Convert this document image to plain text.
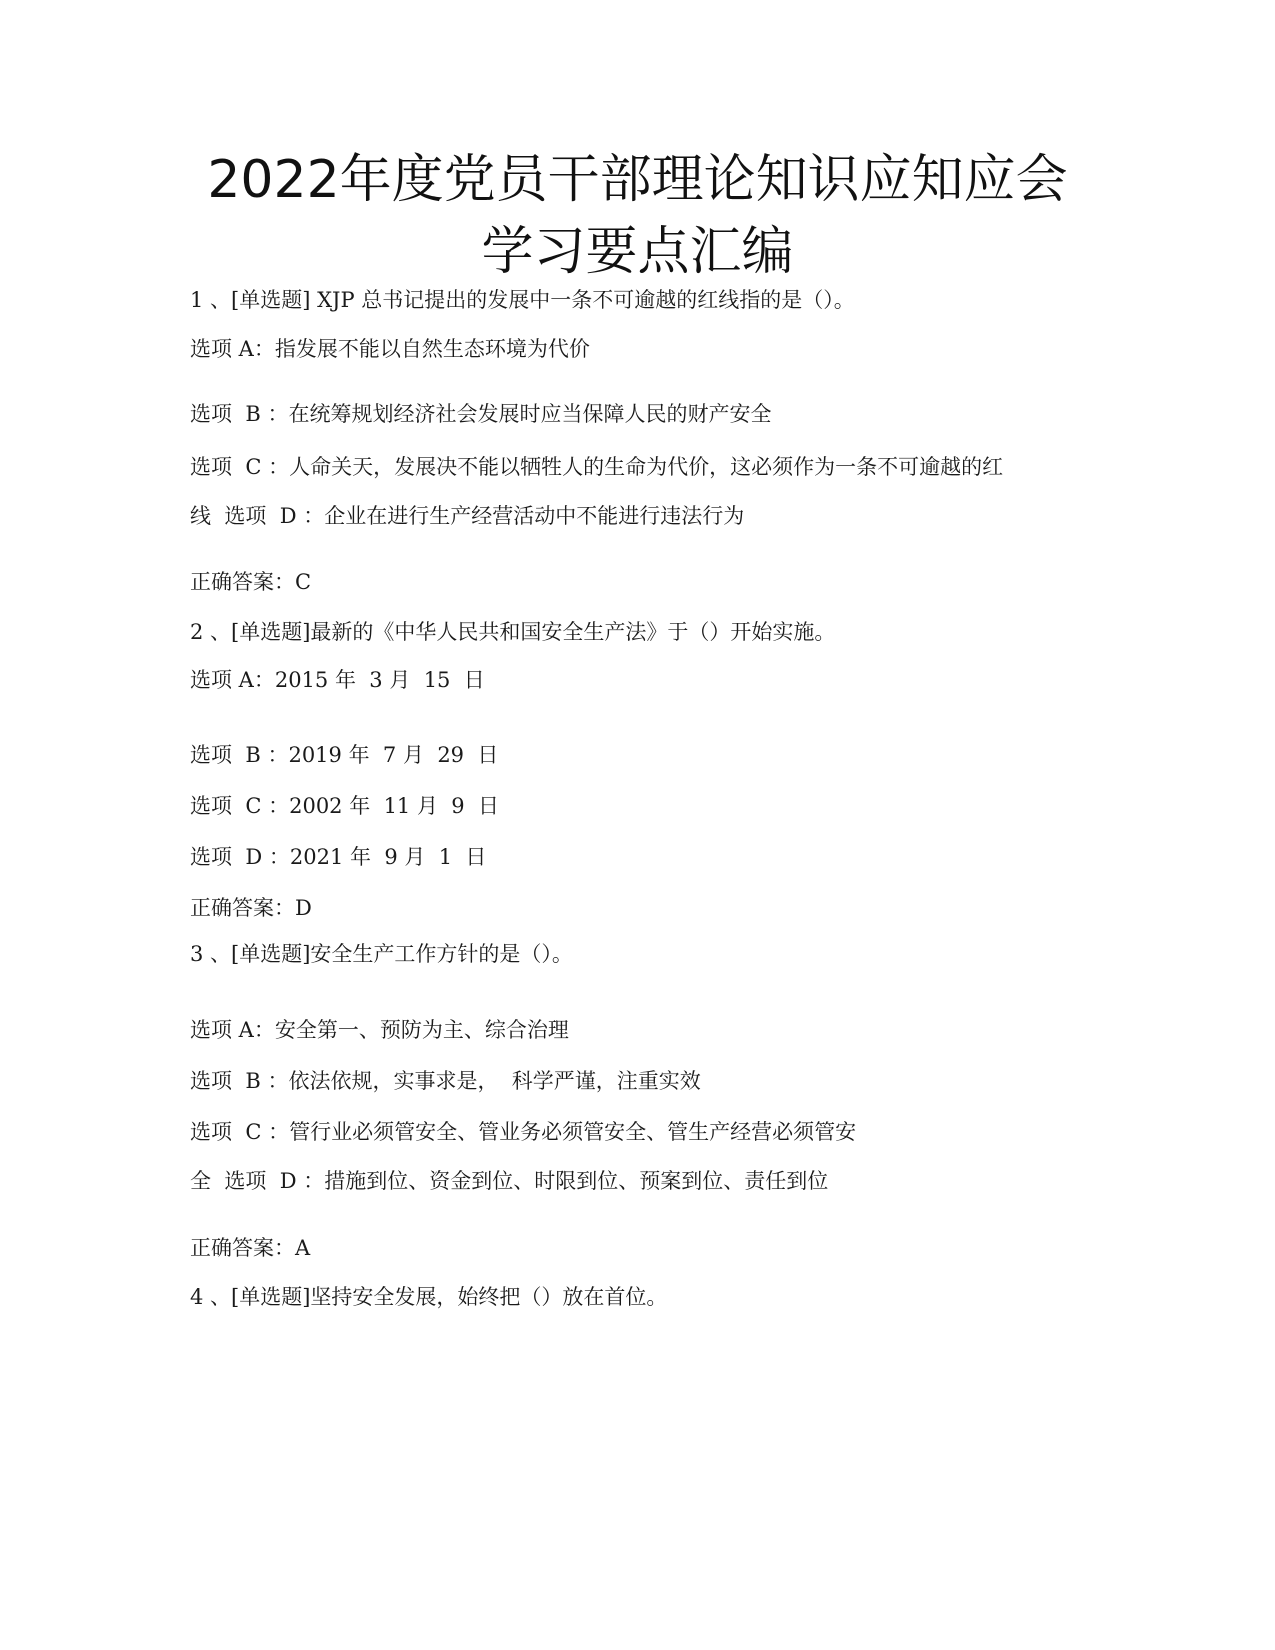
2022年度党员干部理论知识应知应会
学习要点汇编
1 、[单选题] XJP 总书记提出的发展中一条不可逾越的红线指的是（）。
选项 A：指发展不能以自然生态环境为代价
选项  B ：在统筹规划经济社会发展时应当保障人民的财产安全
选项  C ：人命关天，发展决不能以牺牲人的生命为代价，这必须作为一条不可逾越的红
线  选项  D ：企业在进行生产经营活动中不能进行违法行为
正确答案：C
2 、[单选题]最新的《中华人民共和国安全生产法》于（）开始实施。
选项 A：2015 年  3 月  15  日
选项  B ：2019 年  7 月  29  日
选项  C ：2002 年  11 月  9  日
选项  D ：2021 年  9 月  1  日
正确答案：D
3 、[单选题]安全生产工作方针的是（）。
选项 A：安全第一、预防为主、综合治理
选项  B ：依法依规，实事求是，  科学严谨，注重实效
选项  C ：管行业必须管安全、管业务必须管安全、管生产经营必须管安
全  选项  D ：措施到位、资金到位、时限到位、预案到位、责任到位
正确答案：A
4 、[单选题]坚持安全发展，始终把（）放在首位。
